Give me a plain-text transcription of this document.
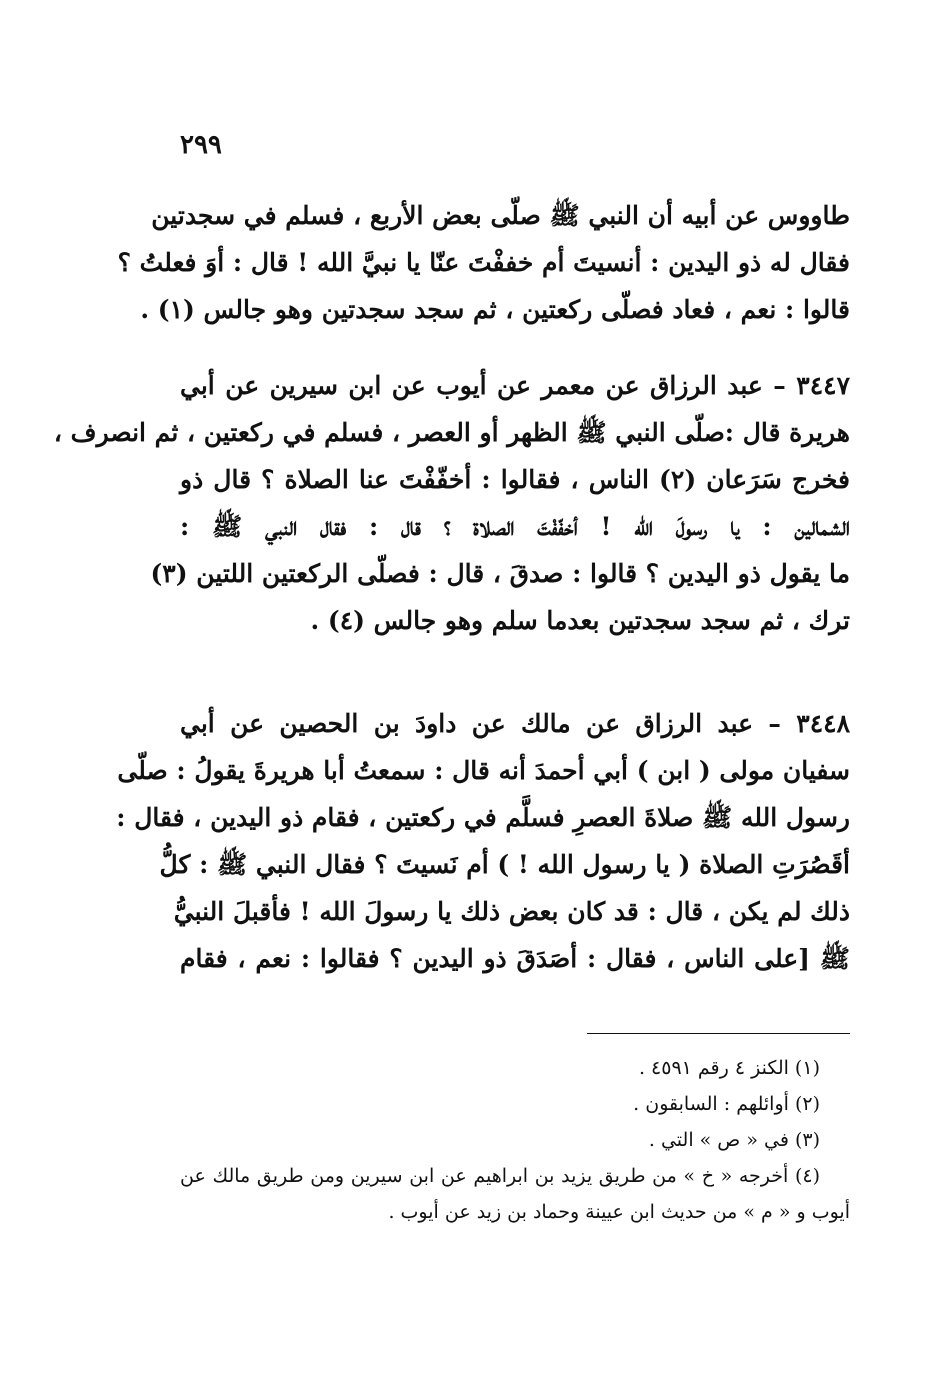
٢٩٩
طاووس عن أبيه أن النبي ﷺ صلّى بعض الأربع ، فسلم في سجدتين
فقال له ذو اليدين : أنسيتَ أم خففْتَ عنّا يا نبيَّ الله ! قال : أوَ فعلتُ ؟
قالوا : نعم ، فعاد فصلّى ركعتين ، ثم سجد سجدتين وهو جالس (١) .
٣٤٤٧ – عبد الرزاق عن معمر عن أيوب عن ابن سيرين عن أبي
هريرة قال :صلّى النبي ﷺ الظهر أو العصر ، فسلم في ركعتين ، ثم انصرف ،
فخرج سَرَعان (٢) الناس ، فقالوا : أخفّفْتَ عنا الصلاة ؟ قال ذو
الشمالين : يا رسولَ الله ! أخفّفْتَ الصلاة ؟ قال : فقال النبي ﷺ :
ما يقول ذو اليدين ؟ قالوا : صدقَ ، قال : فصلّى الركعتين اللتين (٣)
ترك ، ثم سجد سجدتين بعدما سلم وهو جالس (٤) .
٣٤٤٨ – عبد الرزاق عن مالك عن داودَ بن الحصين عن أبي
سفيان مولى ( ابن ) أبي أحمدَ أنه قال : سمعتُ أبا هريرةَ يقولُ : صلّى
رسول الله ﷺ صلاةَ العصرِ فسلَّم في ركعتين ، فقام ذو اليدين ، فقال :
أقَصُرَتِ الصلاة ( يا رسول الله ! ) أم نَسيتَ ؟ فقال النبي ﷺ : كلُّ
ذلك لم يكن ، قال : قد كان بعض ذلك يا رسولَ الله ! فأقبلَ النبيُّ
ﷺ [على الناس ، فقال : أصَدَقَ ذو اليدين ؟ فقالوا : نعم ، فقام
(١) الكنز ٤ رقم ٤٥٩١ .
(٢) أوائلهم : السابقون .
(٣) في « ص » التي .
(٤) أخرجه « خ » من طريق يزيد بن ابراهيم عن ابن سيرين ومن طريق مالك عن
أيوب و « م » من حديث ابن عيينة وحماد بن زيد عن أيوب .
